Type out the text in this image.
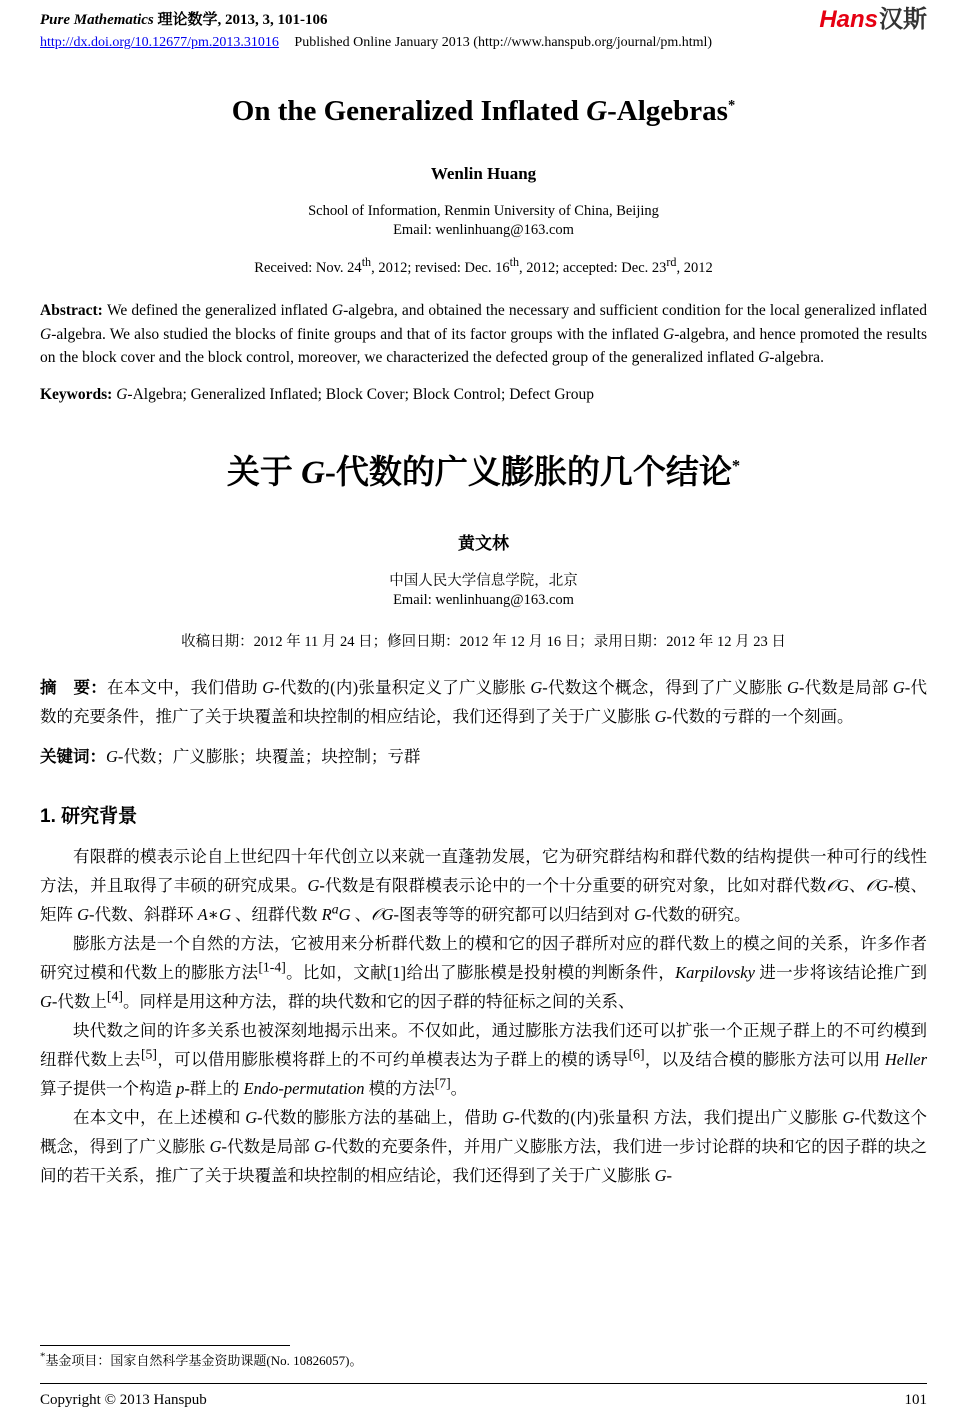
Pure Mathematics 理论数学, 2013, 3, 101-106
http://dx.doi.org/10.12677/pm.2013.31016 Published Online January 2013 (http://www.hanspub.org/journal/pm.html)
Hans汉斯
On the Generalized Inflated G-Algebras*
Wenlin Huang
School of Information, Renmin University of China, Beijing
Email: wenlinhuang@163.com
Received: Nov. 24th, 2012; revised: Dec. 16th, 2012; accepted: Dec. 23rd, 2012

Abstract: We defined the generalized inflated G-algebra, and obtained the necessary and sufficient condition for the local generalized inflated G-algebra. We also studied the blocks of finite groups and that of its factor groups with the inflated G-algebra, and hence promoted the results on the block cover and the block control, moreover, we characterized the defected group of the generalized inflated G-algebra.

Keywords: G-Algebra; Generalized Inflated; Block Cover; Block Control; Defect Group

关于 G-代数的广义膨胀的几个结论*
黄文林
中国人民大学信息学院，北京
Email: wenlinhuang@163.com
收稿日期：2012 年 11 月 24 日；修回日期：2012 年 12 月 16 日；录用日期：2012 年 12 月 23 日

摘　要：在本文中，我们借助 G-代数的(内)张量积定义了广义膨胀 G-代数这个概念，得到了广义膨胀 G-代数是局部 G-代数的充要条件，推广了关于块覆盖和块控制的相应结论，我们还得到了关于广义膨胀 G-代数的亏群的一个刻画。

关键词：G-代数；广义膨胀；块覆盖；块控制；亏群

1. 研究背景

有限群的模表示论自上世纪四十年代创立以来就一直蓬勃发展，它为研究群结构和群代数的结构提供一种可行的线性方法，并且取得了丰硕的研究成果。G-代数是有限群模表示论中的一个十分重要的研究对象，比如对群代数𝒪G、𝒪G-模、矩阵 G-代数、斜群环 A∗G 、纽群代数 $R^aG$ 、𝒪G-图表等等的研究都可以归结到对 G-代数的研究。

膨胀方法是一个自然的方法，它被用来分析群代数上的模和它的因子群所对应的群代数上的模之间的关系，许多作者研究过模和代数上的膨胀方法[1-4]。比如，文献[1]给出了膨胀模是投射模的判断条件，Karpilovsky 进一步将该结论推广到 G-代数上[4]。同样是用这种方法，群的块代数和它的因子群的特征标之间的关系、

块代数之间的许多关系也被深刻地揭示出来。不仅如此，通过膨胀方法我们还可以扩张一个正规子群上的不可约模到纽群代数上去[5]，可以借用膨胀模将群上的不可约单模表达为子群上的模的诱导[6]，以及结合模的膨胀方法可以用 Heller 算子提供一个构造 p-群上的 Endo-permutation 模的方法[7]。

在本文中，在上述模和 G-代数的膨胀方法的基础上，借助 G-代数的(内)张量积 方法，我们提出广义膨胀 G-代数这个概念，得到了广义膨胀 G-代数是局部 G-代数的充要条件，并用广义膨胀方法，我们进一步讨论群的块和它的因子群的块之间的若干关系，推广了关于块覆盖和块控制的相应结论，我们还得到了关于广义膨胀 G-

*基金项目：国家自然科学基金资助课题(No. 10826057)。
Copyright © 2013 Hanspub	101
